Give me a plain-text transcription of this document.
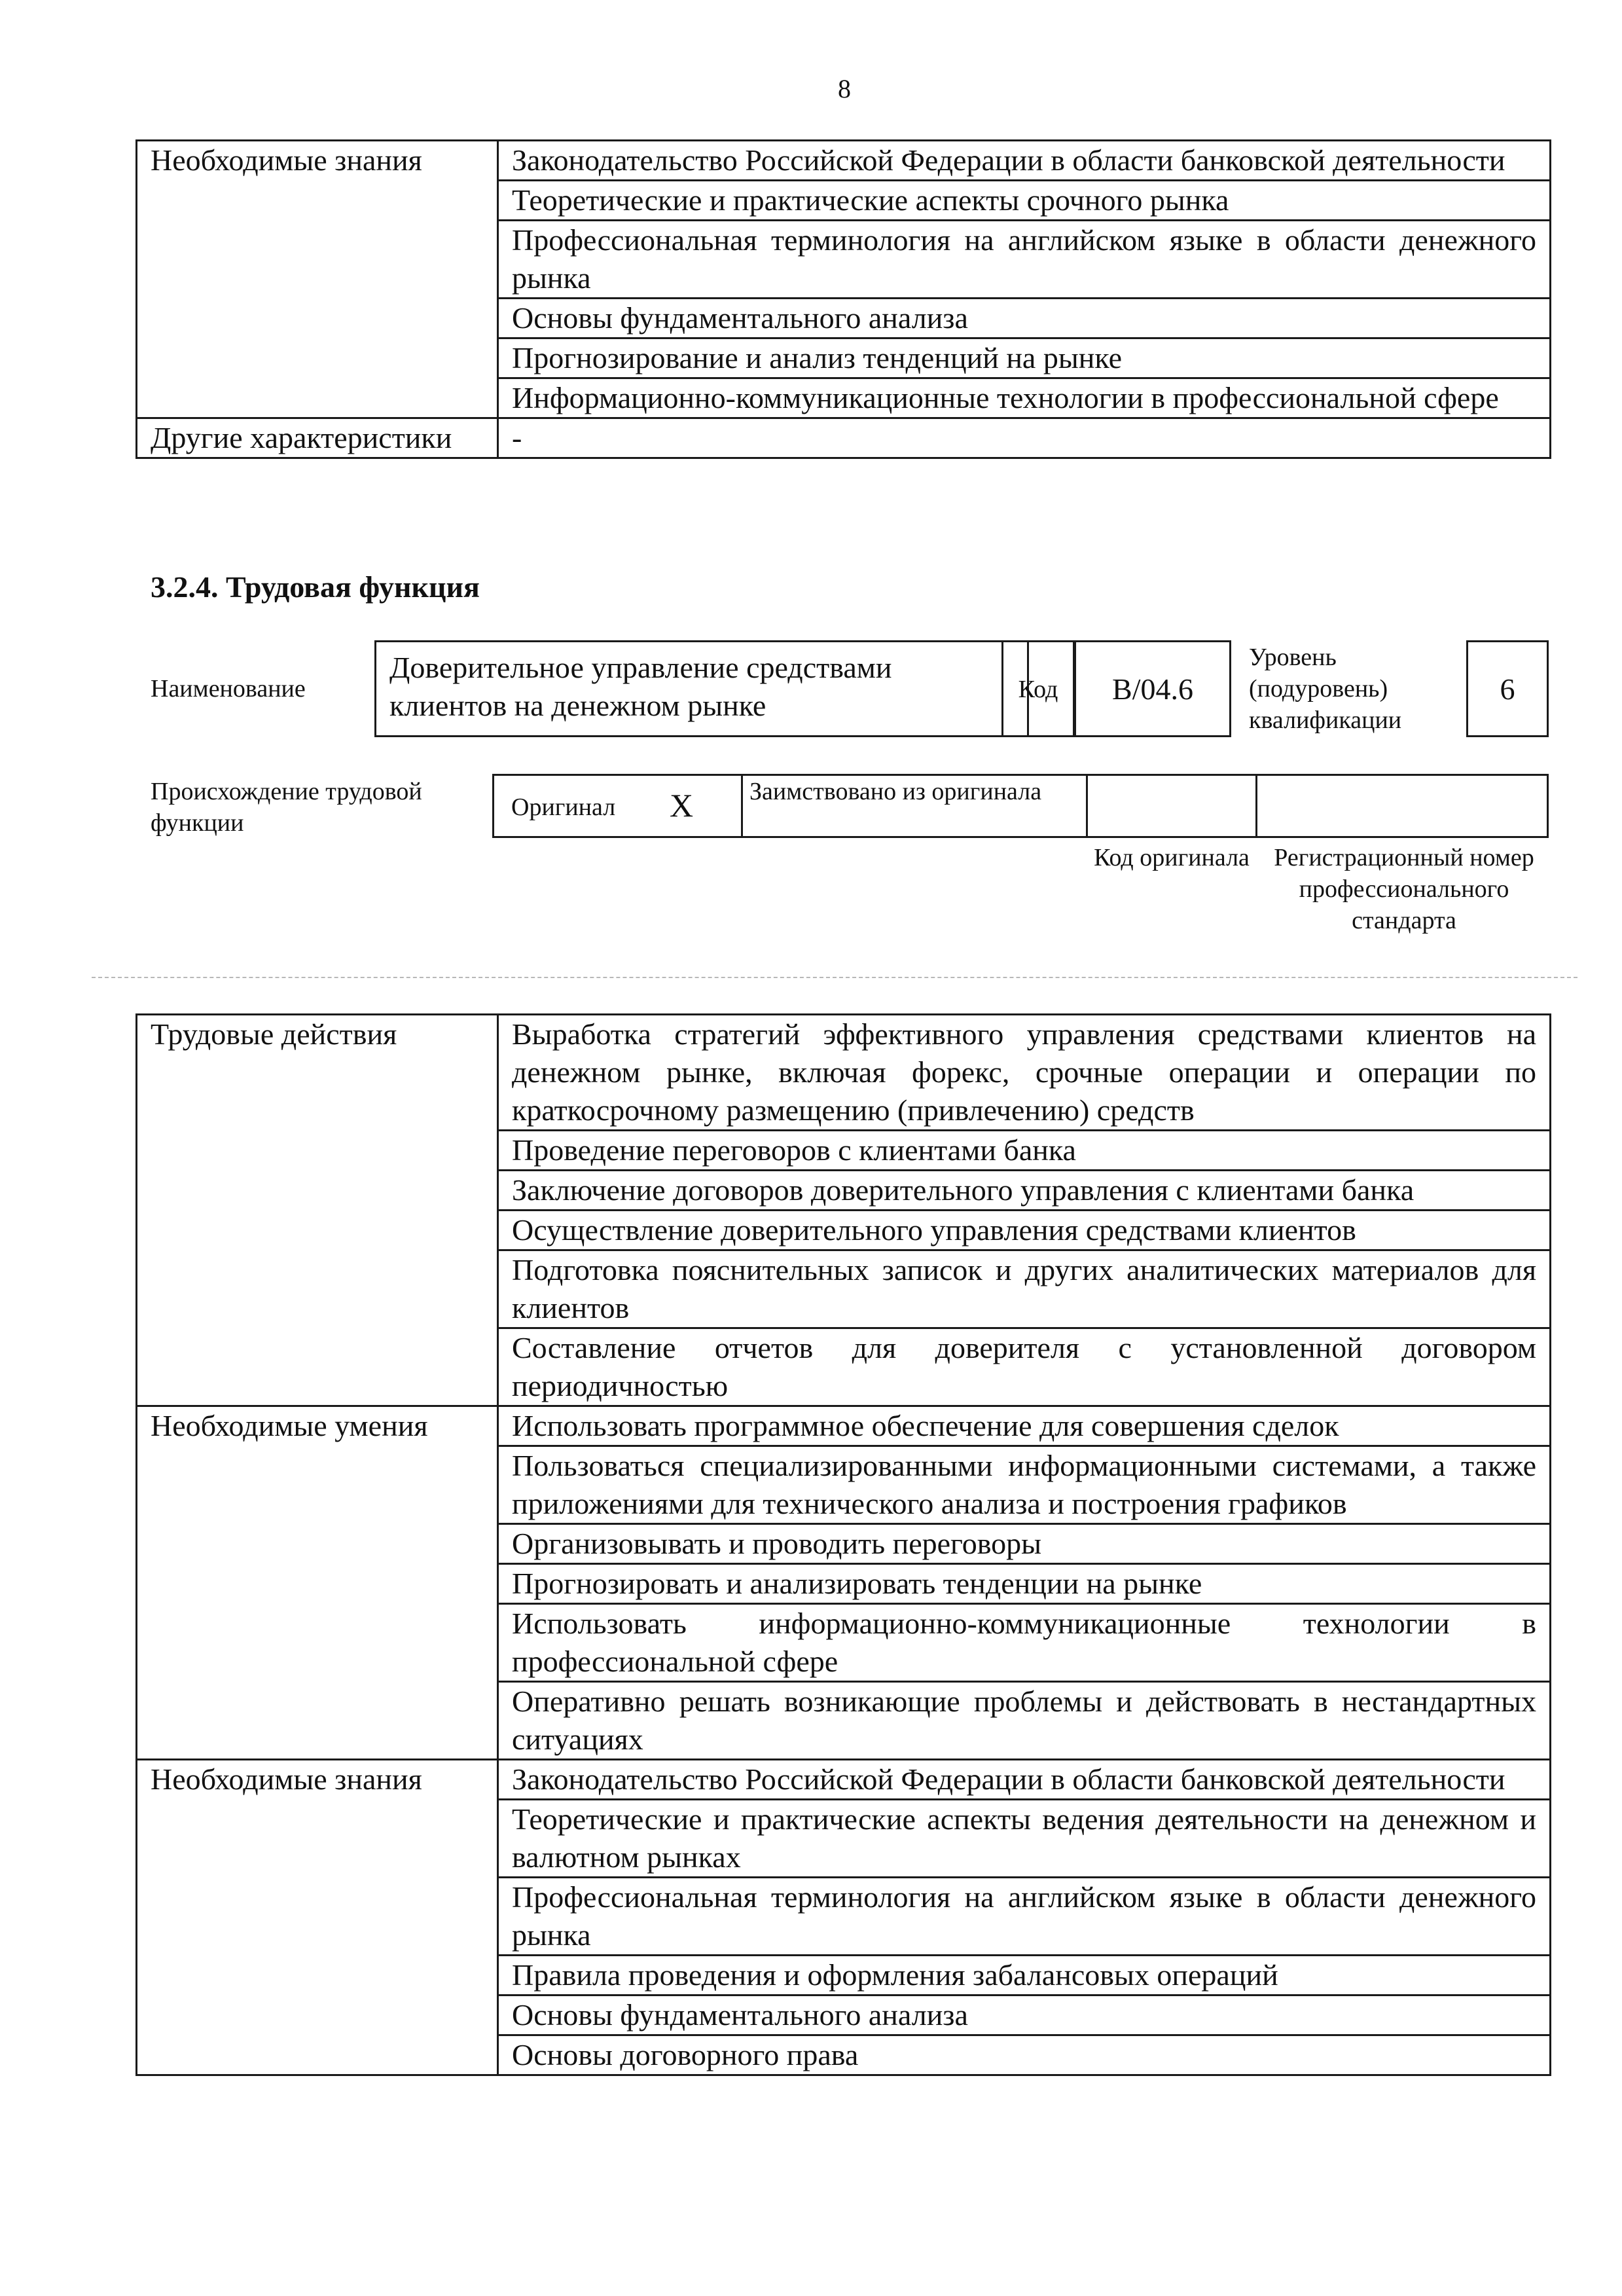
8
Необходимые знания	Законодательство Российской Федерации в области банковской деятельности
	Теоретические и практические аспекты срочного рынка
	Профессиональная терминология на английском языке в области денежного рынка
	Основы фундаментального анализа
	Прогнозирование и анализ тенденций на рынке
	Информационно-коммуникационные технологии в профессиональной сфере
Другие характеристики	-
3.2.4. Трудовая функция
Наименование
Доверительное управление средствами клиентов на денежном рынке	Код	B/04.6
Уровень (подуровень) квалификации
6
Происхождение трудовой функции
Оригинал X	Заимствовано из оригинала
Код оригинала Регистрационный номер профессионального стандарта
Трудовые действия	Выработка стратегий эффективного управления средствами клиентов на денежном рынке, включая форекс, срочные операции и операции по краткосрочному размещению (привлечению) средств
	Проведение переговоров с клиентами банка
	Заключение договоров доверительного управления с клиентами банка
	Осуществление доверительного управления средствами клиентов
	Подготовка пояснительных записок и других аналитических материалов для клиентов
	Составление отчетов для доверителя с установленной договором периодичностью
Необходимые умения	Использовать программное обеспечение для совершения сделок
	Пользоваться специализированными информационными системами, а также приложениями для технического анализа и построения графиков
	Организовывать и проводить переговоры
	Прогнозировать и анализировать тенденции на рынке
	Использовать информационно-коммуникационные технологии в профессиональной сфере
	Оперативно решать возникающие проблемы и действовать в нестандартных ситуациях
Необходимые знания	Законодательство Российской Федерации в области банковской деятельности
	Теоретические и практические аспекты ведения деятельности на денежном и валютном рынках
	Профессиональная терминология на английском языке в области денежного рынка
	Правила проведения и оформления забалансовых операций
	Основы фундаментального анализа
	Основы договорного права
